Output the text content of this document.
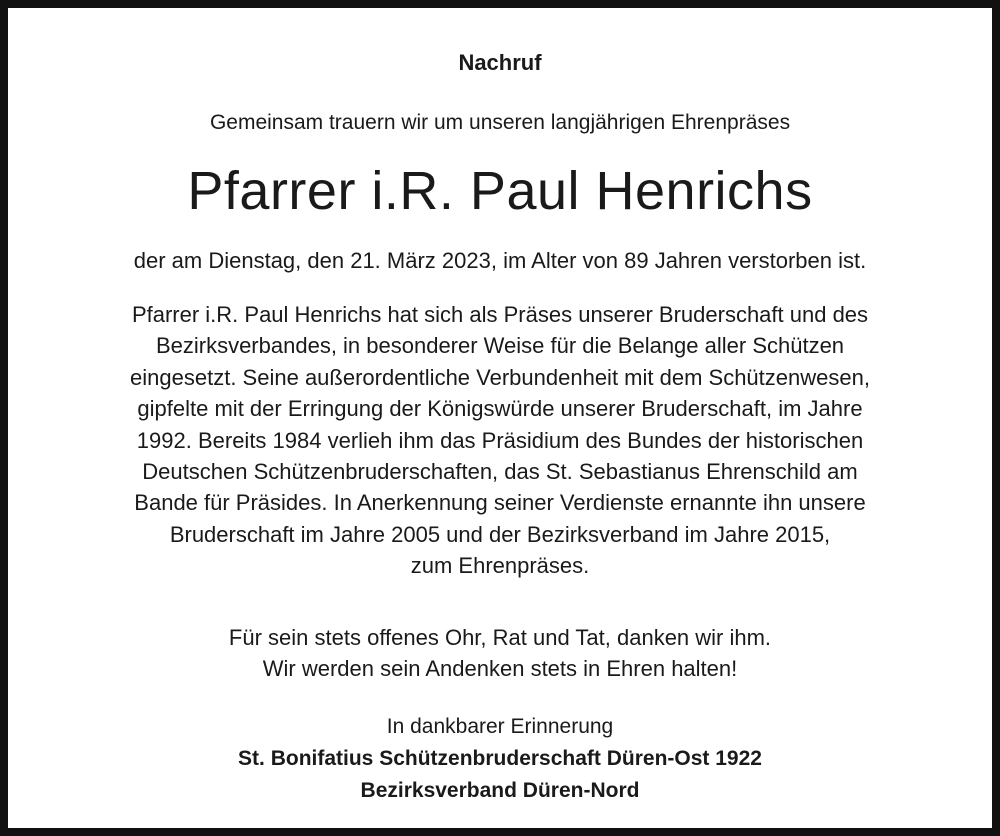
Nachruf
Gemeinsam trauern wir um unseren langjährigen Ehrenpräses
Pfarrer i.R. Paul Henrichs
der am Dienstag, den 21. März 2023, im Alter von 89 Jahren verstorben ist.
Pfarrer i.R. Paul Henrichs hat sich als Präses unserer Bruderschaft und des
Bezirksverbandes, in besonderer Weise für die Belange aller Schützen
eingesetzt. Seine außerordentliche Verbundenheit mit dem Schützenwesen,
gipfelte mit der Erringung der Königswürde unserer Bruderschaft, im Jahre
1992. Bereits 1984 verlieh ihm das Präsidium des Bundes der historischen
Deutschen Schützenbruderschaften, das St. Sebastianus Ehrenschild am
Bande für Präsides. In Anerkennung seiner Verdienste ernannte ihn unsere
Bruderschaft im Jahre 2005 und der Bezirksverband im Jahre 2015,
zum Ehrenpräses.
Für sein stets offenes Ohr, Rat und Tat, danken wir ihm.
Wir werden sein Andenken stets in Ehren halten!
In dankbarer Erinnerung
St. Bonifatius Schützenbruderschaft Düren-Ost 1922
Bezirksverband Düren-Nord
